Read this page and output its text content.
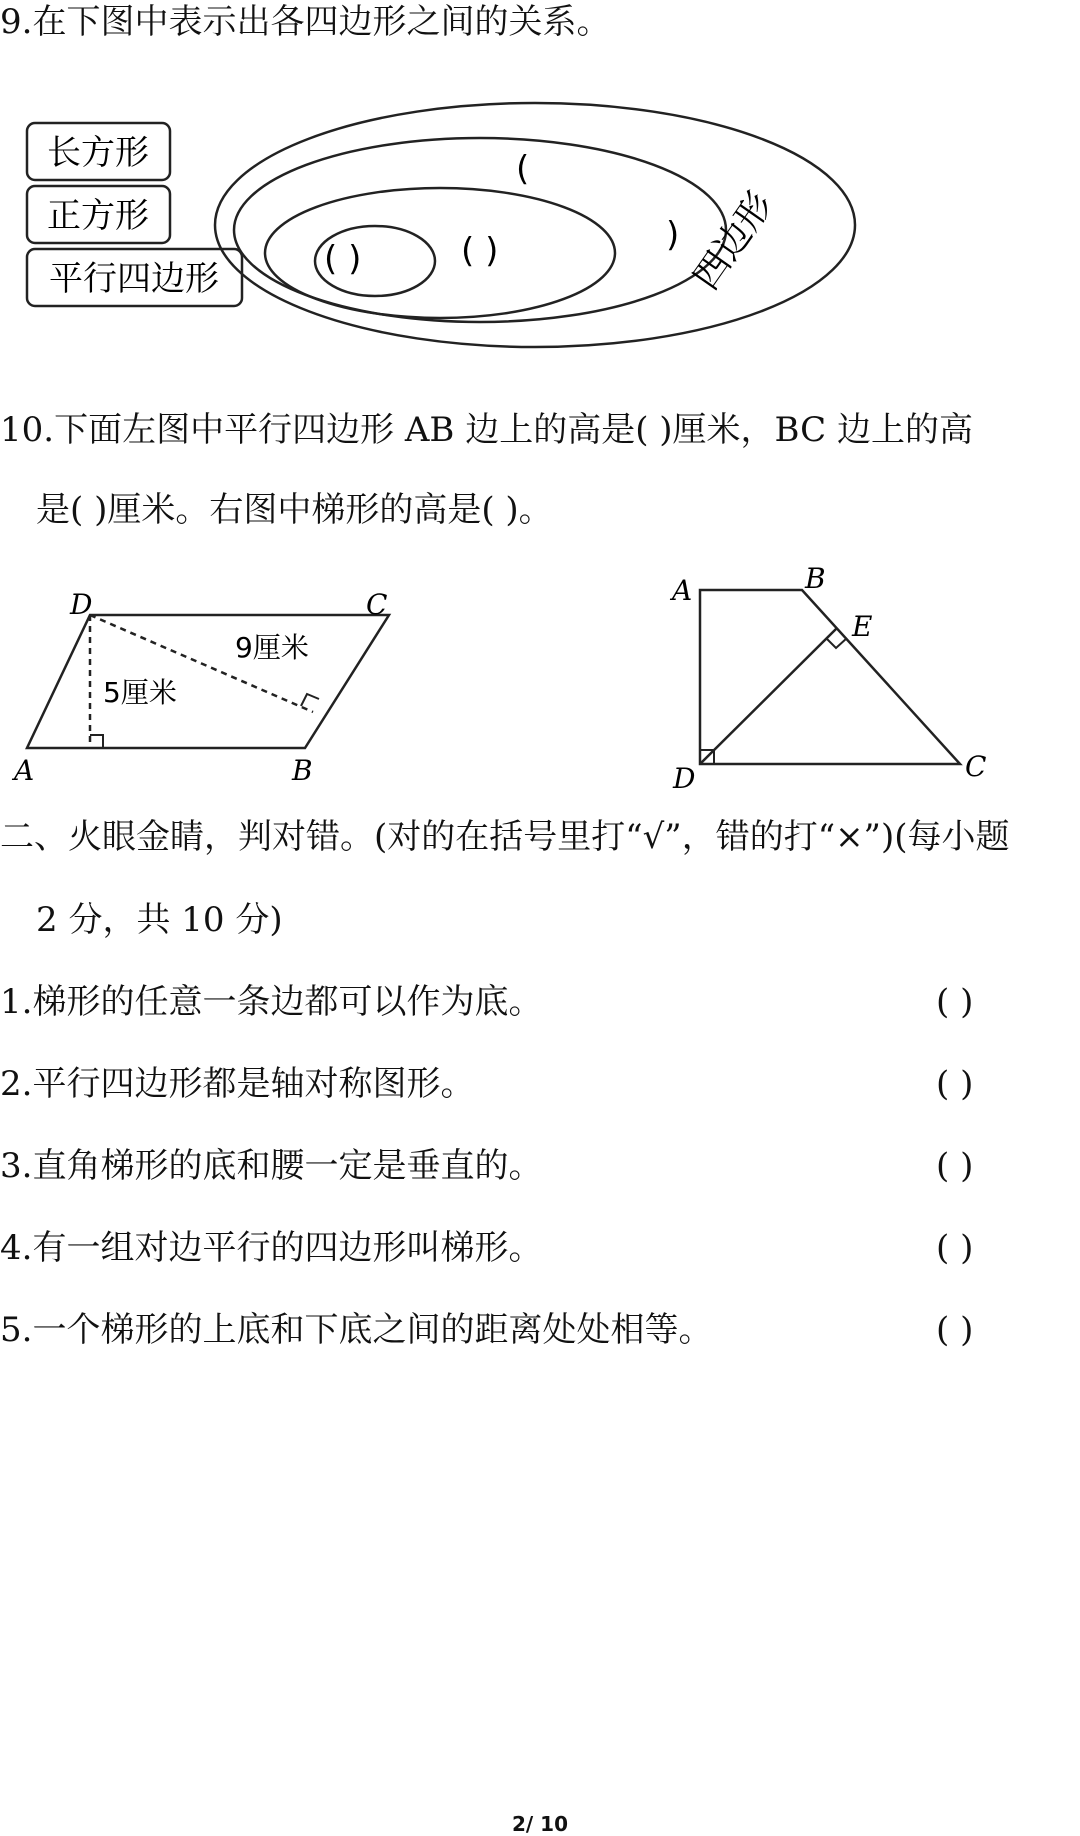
9.在下图中表示出各四边形之间的关系。
长方形
正方形
平行四边形
(
( )	( )	) 四边形
D	C
A	B
9厘米
5厘米
A	B
E
D	C
10.下面左图中平行四边形 AB 边上的高是( )厘米，BC 边上的高
是( )厘米。右图中梯形的高是( )。
二、火眼金睛，判对错。(对的在括号里打“√”，错的打“×”)(每小题
2 分，共 10 分)
1.梯形的任意一条边都可以作为底。	( )
2.平行四边形都是轴对称图形。	( )
3.直角梯形的底和腰一定是垂直的。	( )
4.有一组对边平行的四边形叫梯形。	( )
5.一个梯形的上底和下底之间的距离处处相等。	( )
2/ 10
